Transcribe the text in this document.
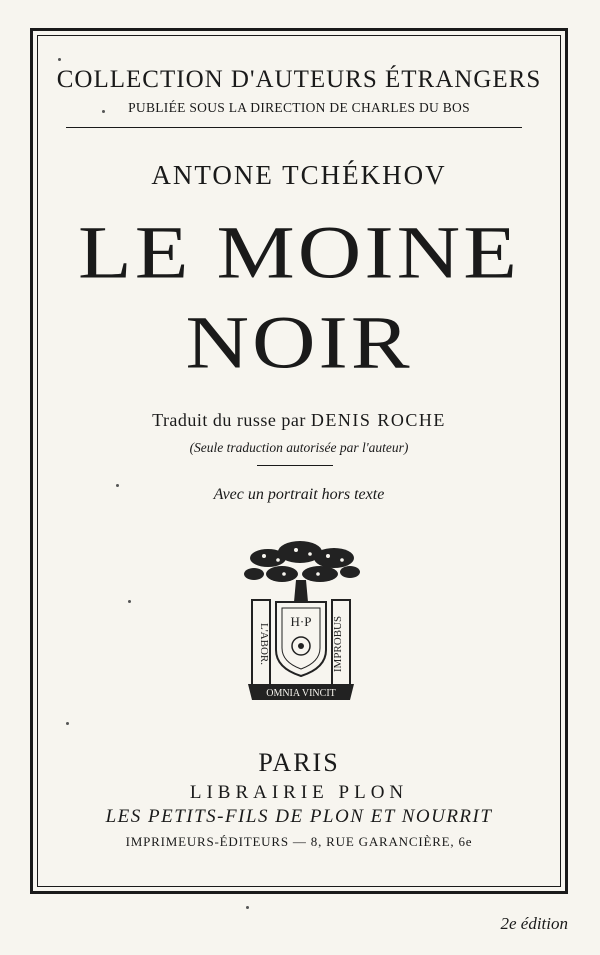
COLLECTION D'AUTEURS ÉTRANGERS
PUBLIÉE SOUS LA DIRECTION DE CHARLES DU BOS
ANTONE TCHÉKHOV
LE MOINE
NOIR
Traduit du russe par DENIS ROCHE
(Seule traduction autorisée par l'auteur)
Avec un portrait hors texte
H·P
L'ABOR.	IMPROBUS
OMNIA VINCIT
PARIS
LIBRAIRIE PLON
LES PETITS-FILS DE PLON ET NOURRIT
IMPRIMEURS-ÉDITEURS — 8, RUE GARANCIÈRE, 6e
2e édition
